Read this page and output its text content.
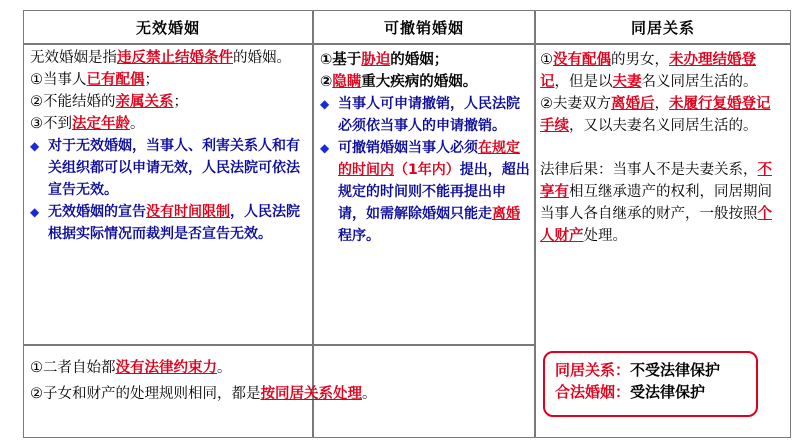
无效婚姻	可撤销婚姻	同居关系
无效婚姻是指违反禁止结婚条件的婚姻。
①当事人已有配偶；
②不能结婚的亲属关系；
③不到法定年龄。
◆ 对于无效婚姻，当事人、利害关系人和有关组织都可以申请无效，人民法院可依法宣告无效。
◆ 无效婚姻的宣告没有时间限制，人民法院根据实际情况而裁判是否宣告无效。
①基于胁迫的婚姻；
②隐瞒重大疾病的婚姻。
◆ 当事人可申请撤销，人民法院必须依当事人的申请撤销。
◆ 可撤销婚姻当事人必须在规定的时间内（1年内）提出，超出规定的时间则不能再提出申请，如需解除婚姻只能走离婚程序。
①没有配偶的男女，未办理结婚登记，但是以夫妻名义同居生活的。
②夫妻双方离婚后，未履行复婚登记手续，又以夫妻名义同居生活的。
法律后果：当事人不是夫妻关系，不享有相互继承遗产的权利，同居期间当事人各自继承的财产，一般按照个人财产处理。
①二者自始都没有法律约束力。
②子女和财产的处理规则相同，都是按同居关系处理。
同居关系：不受法律保护
合法婚姻：受法律保护
